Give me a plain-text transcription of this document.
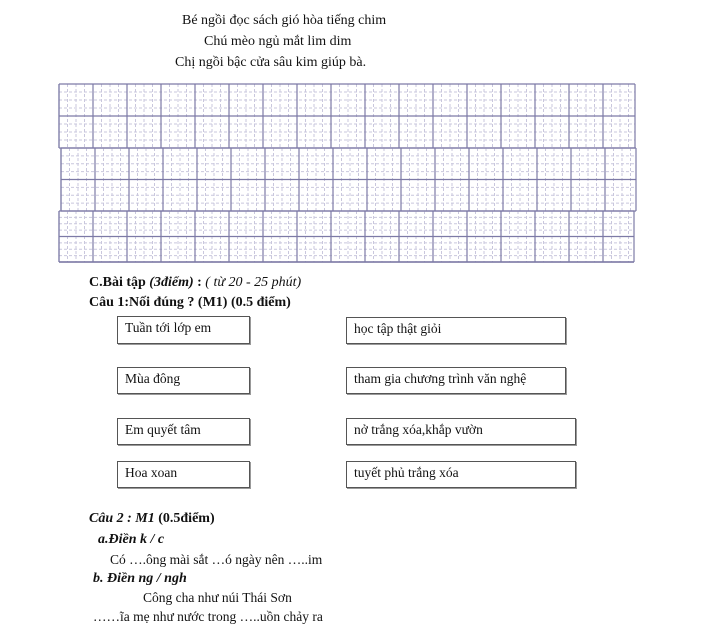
Bé ngồi đọc sách gió hòa tiếng chim
Chú mèo ngủ mắt lim dim
Chị ngồi bậc cửa sâu kim giúp bà.
C.Bài tập (3điểm) : ( từ 20 - 25 phút)
Câu 1:Nối đúng ? (M1) (0.5 điểm)
Tuần tới lớp em
Mùa đông
Em quyết tâm
Hoa xoan
học tập thật giỏi
tham gia chương trình văn nghệ
nở trắng xóa,khắp vườn
tuyết phủ trắng xóa
Câu 2 : M1 (0.5điểm)
a.Điền k / c
Có ….ông mài sắt …ó ngày nên …..im
b. Điền ng / ngh
Công cha như núi Thái Sơn
……ĩa mẹ như nước trong …..uồn chảy ra
